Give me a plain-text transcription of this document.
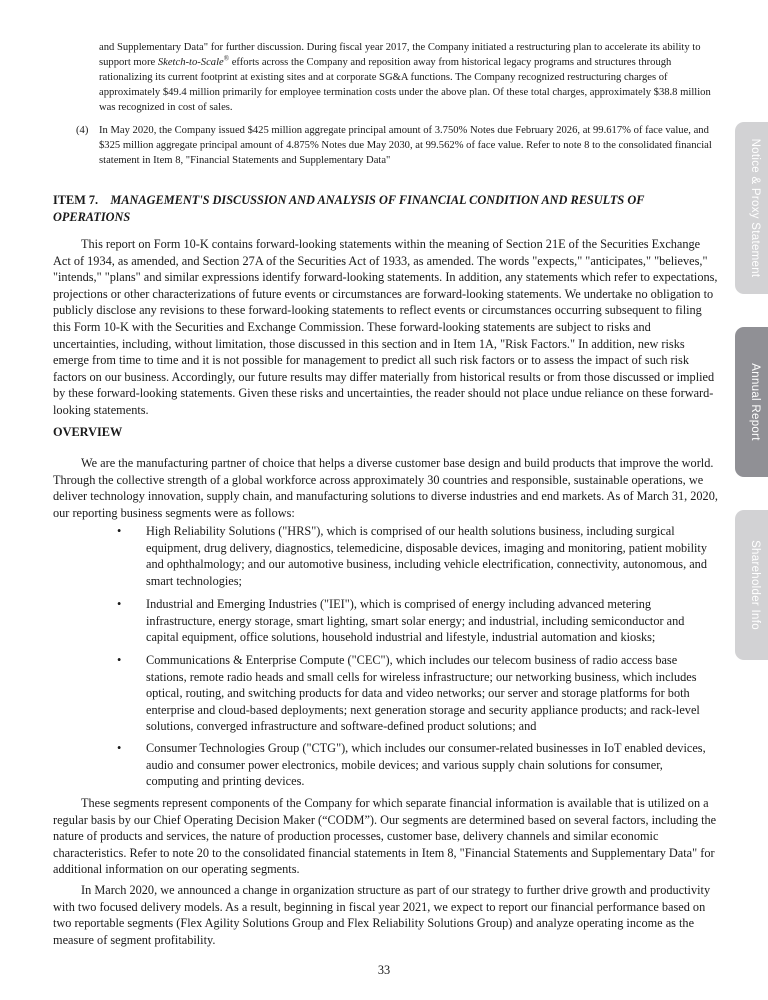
Notice & Proxy Statement
Annual Report
Shareholder Info

and Supplementary Data" for further discussion. During fiscal year 2017, the Company initiated a restructuring plan to accelerate its ability to support more Sketch-to-Scale® efforts across the Company and reposition away from historical legacy programs and structures through rationalizing its current footprint at existing sites and at corporate SG&A functions. The Company recognized restructuring charges of approximately $49.4 million primarily for employee termination costs under the above plan. Of these total charges, approximately $38.8 million was recognized in cost of sales.

(4) In May 2020, the Company issued $425 million aggregate principal amount of 3.750% Notes due February 2026, at 99.617% of face value, and $325 million aggregate principal amount of 4.875% Notes due May 2030, at 99.562% of face value. Refer to note 8 to the consolidated financial statement in Item 8, "Financial Statements and Supplementary Data"

ITEM 7. MANAGEMENT'S DISCUSSION AND ANALYSIS OF FINANCIAL CONDITION AND RESULTS OF OPERATIONS

This report on Form 10-K contains forward-looking statements within the meaning of Section 21E of the Securities Exchange Act of 1934, as amended, and Section 27A of the Securities Act of 1933, as amended. The words "expects," "anticipates," "believes," "intends," "plans" and similar expressions identify forward-looking statements. In addition, any statements which refer to expectations, projections or other characterizations of future events or circumstances are forward-looking statements. We undertake no obligation to publicly disclose any revisions to these forward-looking statements to reflect events or circumstances occurring subsequent to filing this Form 10-K with the Securities and Exchange Commission. These forward-looking statements are subject to risks and uncertainties, including, without limitation, those discussed in this section and in Item 1A, "Risk Factors." In addition, new risks emerge from time to time and it is not possible for management to predict all such risk factors or to assess the impact of such risk factors on our business. Accordingly, our future results may differ materially from historical results or from those discussed or implied by these forward-looking statements. Given these risks and uncertainties, the reader should not place undue reliance on these forward-looking statements.

OVERVIEW

We are the manufacturing partner of choice that helps a diverse customer base design and build products that improve the world. Through the collective strength of a global workforce across approximately 30 countries and responsible, sustainable operations, we deliver technology innovation, supply chain, and manufacturing solutions to diverse industries and end markets. As of March 31, 2020, our reporting business segments were as follows:

• High Reliability Solutions ("HRS"), which is comprised of our health solutions business, including surgical equipment, drug delivery, diagnostics, telemedicine, disposable devices, imaging and monitoring, patient mobility and ophthalmology; and our automotive business, including vehicle electrification, connectivity, autonomous, and smart technologies;

• Industrial and Emerging Industries ("IEI"), which is comprised of energy including advanced metering infrastructure, energy storage, smart lighting, smart solar energy; and industrial, including semiconductor and capital equipment, office solutions, household industrial and lifestyle, industrial automation and kiosks;

• Communications & Enterprise Compute ("CEC"), which includes our telecom business of radio access base stations, remote radio heads and small cells for wireless infrastructure; our networking business, which includes optical, routing, and switching products for data and video networks; our server and storage platforms for both enterprise and cloud-based deployments; next generation storage and security appliance products; and rack-level solutions, converged infrastructure and software-defined product solutions; and

• Consumer Technologies Group ("CTG"), which includes our consumer-related businesses in IoT enabled devices, audio and consumer power electronics, mobile devices; and various supply chain solutions for consumer, computing and printing devices.

These segments represent components of the Company for which separate financial information is available that is utilized on a regular basis by our Chief Operating Decision Maker (“CODM”). Our segments are determined based on several factors, including the nature of products and services, the nature of production processes, customer base, delivery channels and similar economic characteristics. Refer to note 20 to the consolidated financial statements in Item 8, "Financial Statements and Supplementary Data" for additional information on our operating segments.

In March 2020, we announced a change in organization structure as part of our strategy to further drive growth and productivity with two focused delivery models. As a result, beginning in fiscal year 2021, we expect to report our financial performance based on two reportable segments (Flex Agility Solutions Group and Flex Reliability Solutions Group) and analyze operating income as the measure of segment profitability.

33
